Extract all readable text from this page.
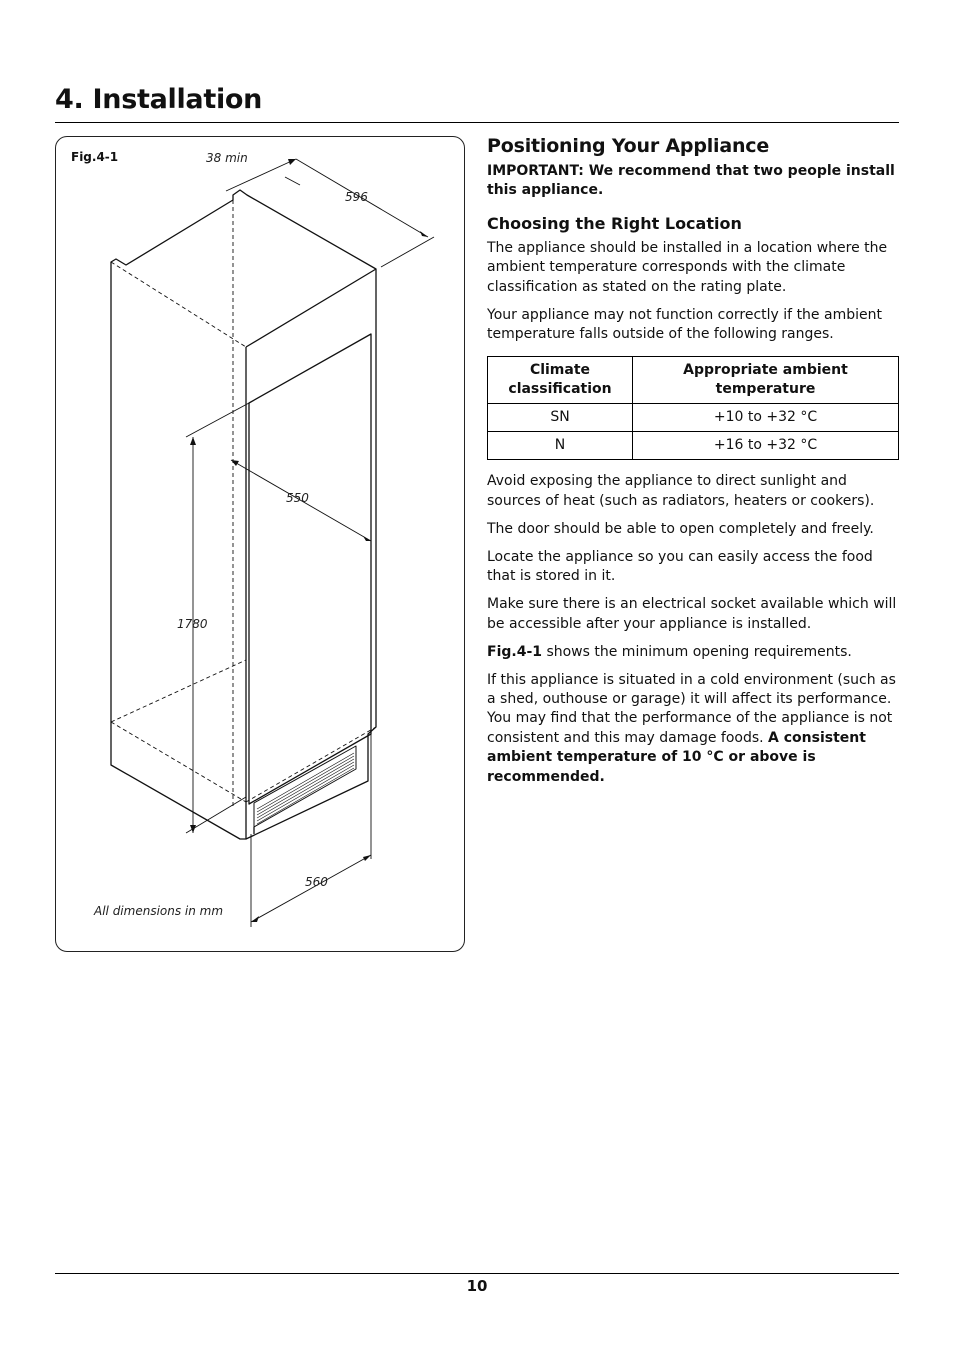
4. Installation
Fig.4-1	38 min
596
550
1780
560
All dimensions in mm
Positioning Your Appliance

IMPORTANT: We recommend that two people install this appliance.

Choosing the Right Location

The appliance should be installed in a location where the ambient temperature corresponds with the climate classification as stated on the rating plate.

Your appliance may not function correctly if the ambient temperature falls outside of the following ranges.

Climate classification	Appropriate ambient temperature
SN	+10 to +32 °C
N	+16 to +32 °C

Avoid exposing the appliance to direct sunlight and sources of heat (such as radiators, heaters or cookers).

The door should be able to open completely and freely.

Locate the appliance so you can easily access the food that is stored in it.

Make sure there is an electrical socket available which will be accessible after your appliance is installed.

Fig.4-1 shows the minimum opening requirements.

If this appliance is situated in a cold environment (such as a shed, outhouse or garage) it will affect its performance. You may find that the performance of the appliance is not consistent and this may damage foods. A consistent ambient temperature of 10 °C or above is recommended.

10
